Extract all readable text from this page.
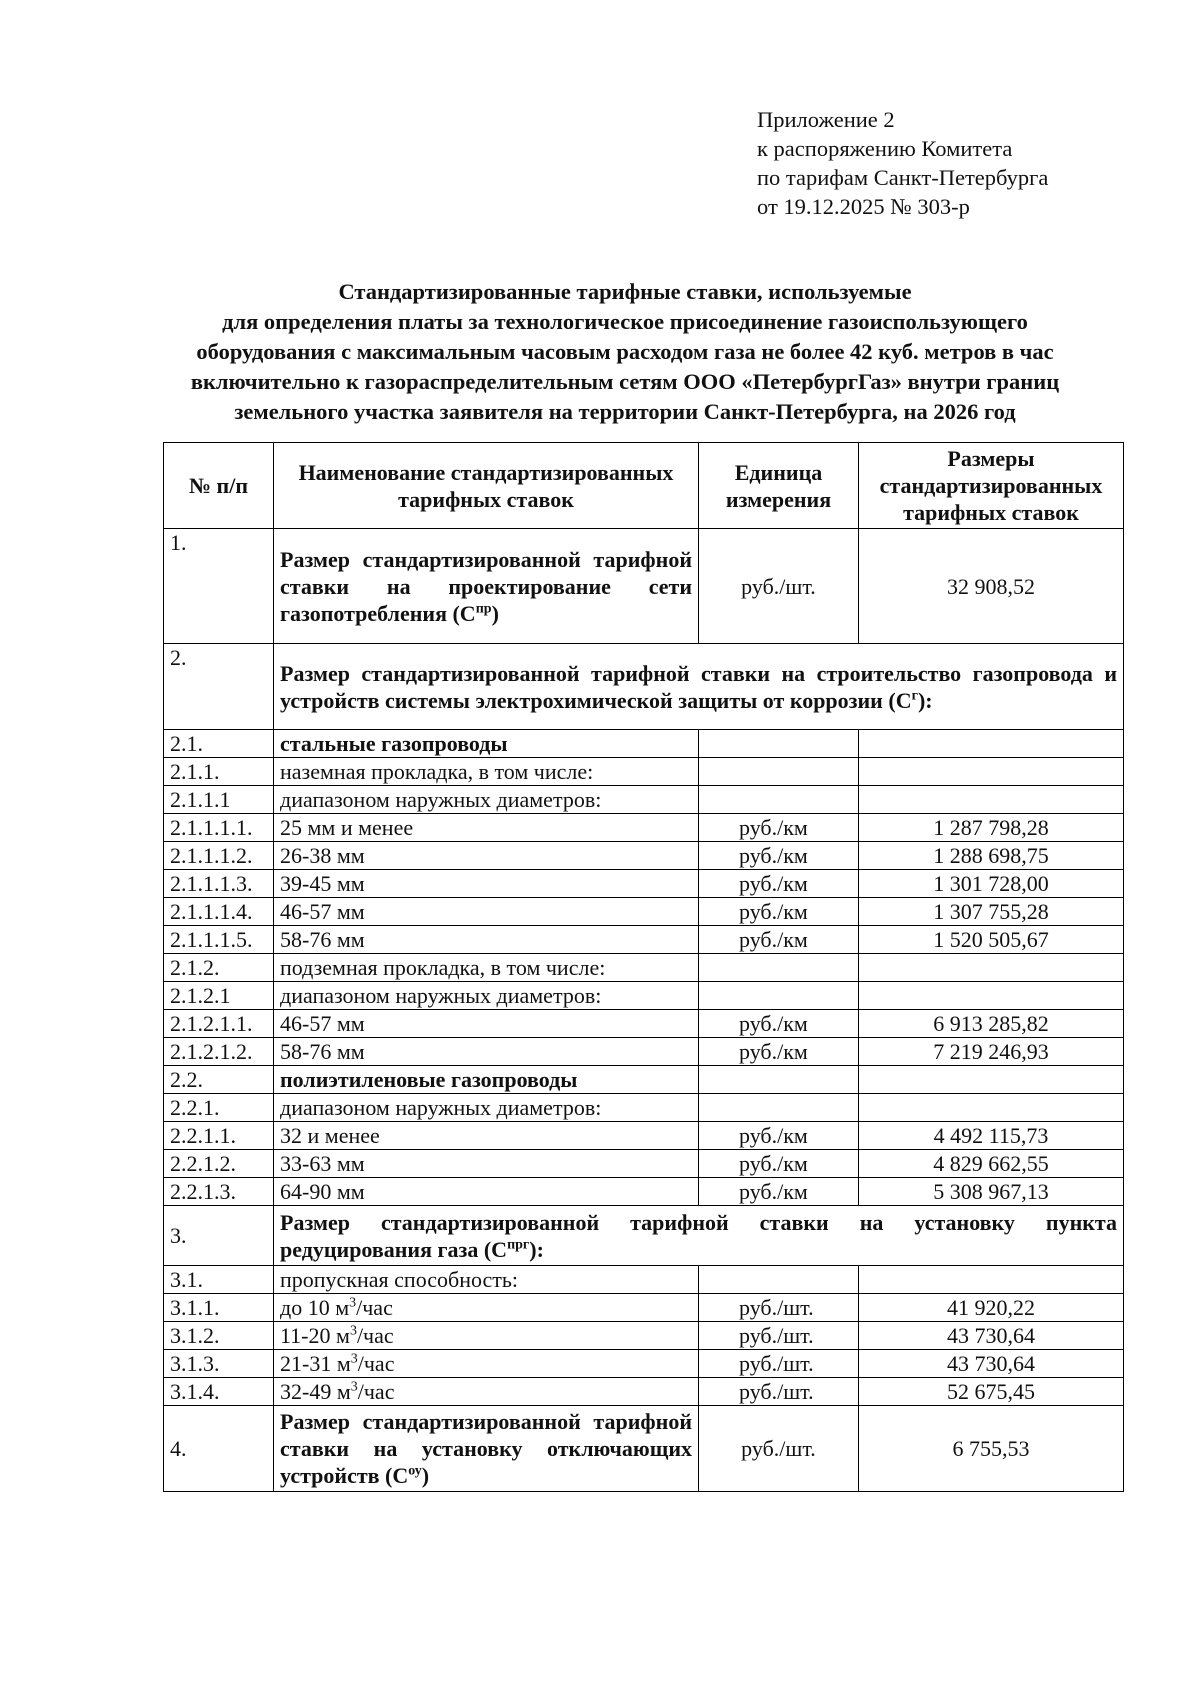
Приложение 2
к распоряжению Комитета
по тарифам Санкт-Петербурга
от 19.12.2025 № 303-р
Стандартизированные тарифные ставки, используемые
для определения платы за технологическое присоединение газоиспользующего
оборудования с максимальным часовым расходом газа не более 42 куб. метров в час
включительно к газораспределительным сетям ООО «ПетербургГаз» внутри границ
земельного участка заявителя на территории Санкт-Петербурга, на 2026 год
№ п/п	Наименование стандартизированных тарифных ставок	Единица измерения	Размеры стандартизированных тарифных ставок
1.	Размер стандартизированной тарифной ставки на проектирование сети газопотребления $(C^{пр})$	руб./шт.	32 908,52
2.	Размер стандартизированной тарифной ставки на строительство газопровода и устройств системы электрохимической защиты от коррозии $(C^г)$:		
2.1.	стальные газопроводы		
2.1.1.	наземная прокладка, в том числе:		
2.1.1.1	диапазоном наружных диаметров:		
2.1.1.1.1.	25 мм и менее	руб./км	1 287 798,28
2.1.1.1.2.	26-38 мм	руб./км	1 288 698,75
2.1.1.1.3.	39-45 мм	руб./км	1 301 728,00
2.1.1.1.4.	46-57 мм	руб./км	1 307 755,28
2.1.1.1.5.	58-76 мм	руб./км	1 520 505,67
2.1.2.	подземная прокладка, в том числе:		
2.1.2.1	диапазоном наружных диаметров:		
2.1.2.1.1.	46-57 мм	руб./км	6 913 285,82
2.1.2.1.2.	58-76 мм	руб./км	7 219 246,93
2.2.	полиэтиленовые газопроводы		
2.2.1.	диапазоном наружных диаметров:		
2.2.1.1.	32 и менее	руб./км	4 492 115,73
2.2.1.2.	33-63 мм	руб./км	4 829 662,55
2.2.1.3.	64-90 мм	руб./км	5 308 967,13
3.	Размер стандартизированной тарифной ставки на установку пункта редуцирования газа $(C^{прг})$:		
3.1.	пропускная способность:		
3.1.1.	до 10 $м^3$/час	руб./шт.	41 920,22
3.1.2.	11-20 $м^3$/час	руб./шт.	43 730,64
3.1.3.	21-31 $м^3$/час	руб./шт.	43 730,64
3.1.4.	32-49 $м^3$/час	руб./шт.	52 675,45
4.	Размер стандартизированной тарифной ставки на установку отключающих устройств $(C^{оу})$	руб./шт.	6 755,53
